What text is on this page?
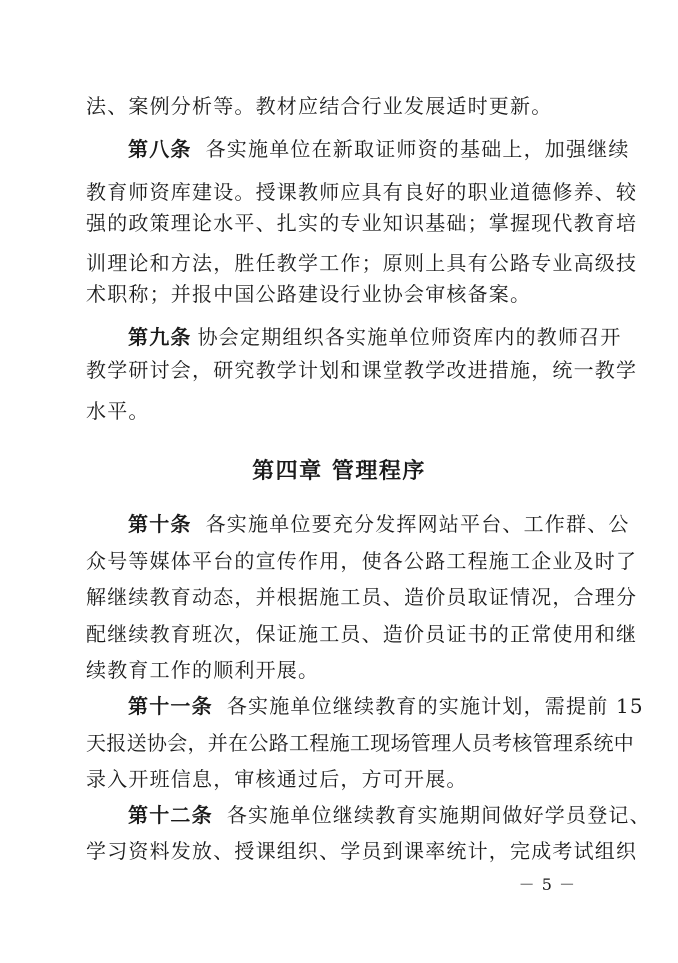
法、案例分析等。教材应结合行业发展适时更新。
第八条 各实施单位在新取证师资的基础上，加强继续
教育师资库建设。授课教师应具有良好的职业道德修养、较
强的政策理论水平、扎实的专业知识基础；掌握现代教育培
训理论和方法，胜任教学工作；原则上具有公路专业高级技
术职称；并报中国公路建设行业协会审核备案。
第九条 协会定期组织各实施单位师资库内的教师召开
教学研讨会，研究教学计划和课堂教学改进措施，统一教学
水平。
第四章 管理程序
第十条 各实施单位要充分发挥网站平台、工作群、公
众号等媒体平台的宣传作用，使各公路工程施工企业及时了
解继续教育动态，并根据施工员、造价员取证情况，合理分
配继续教育班次，保证施工员、造价员证书的正常使用和继
续教育工作的顺利开展。
第十一条 各实施单位继续教育的实施计划，需提前 15
天报送协会，并在公路工程施工现场管理人员考核管理系统中
录入开班信息，审核通过后，方可开展。
第十二条 各实施单位继续教育实施期间做好学员登记、
学习资料发放、授课组织、学员到课率统计，完成考试组织
－ 5 －
